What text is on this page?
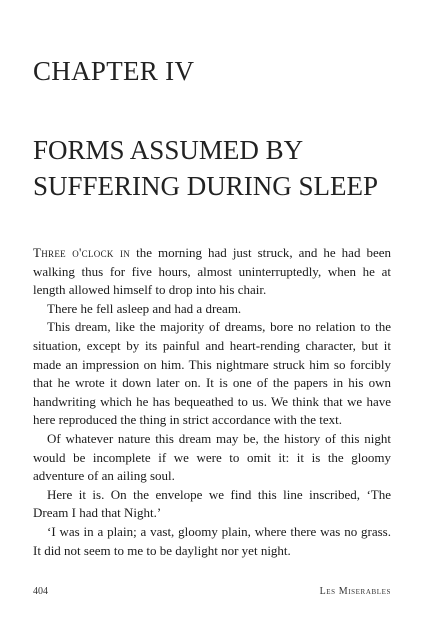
CHAPTER IV
FORMS ASSUMED BY
SUFFERING DURING SLEEP

Three o'clock in the morning had just struck, and he had been walking thus for five hours, almost uninterruptedly, when he at length allowed himself to drop into his chair.

There he fell asleep and had a dream.

This dream, like the majority of dreams, bore no relation to the situation, except by its painful and heart-rending character, but it made an impression on him. This nightmare struck him so forcibly that he wrote it down later on. It is one of the papers in his own handwriting which he has bequeathed to us. We think that we have here reproduced the thing in strict accordance with the text.

Of whatever nature this dream may be, the history of this night would be incomplete if we were to omit it: it is the gloomy adventure of an ailing soul.

Here it is. On the envelope we find this line inscribed, ‘The Dream I had that Night.’

‘I was in a plain; a vast, gloomy plain, where there was no grass. It did not seem to me to be daylight nor yet night.

404	Les Miserables
